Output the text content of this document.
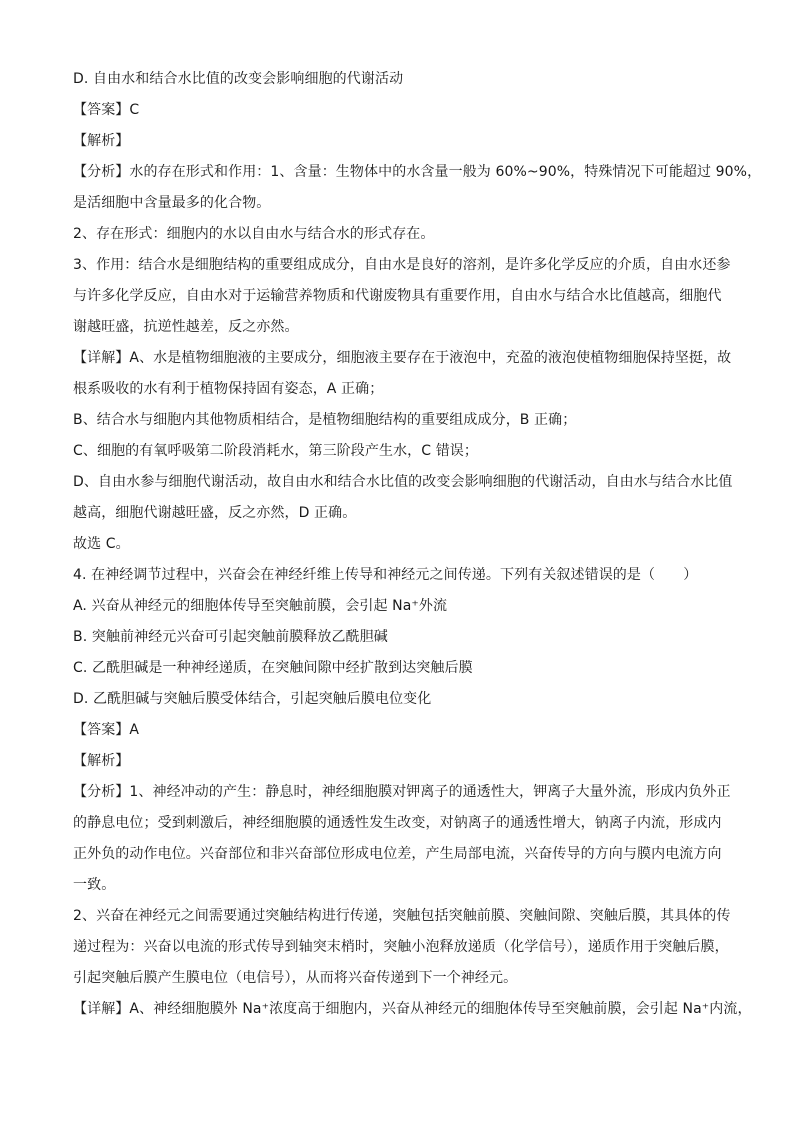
D. 自由水和结合水比值的改变会影响细胞的代谢活动
【答案】C
【解析】
【分析】水的存在形式和作用：1、含量：生物体中的水含量一般为 60%~90%，特殊情况下可能超过 90%，
是活细胞中含量最多的化合物。
2、存在形式：细胞内的水以自由水与结合水的形式存在。
3、作用：结合水是细胞结构的重要组成成分，自由水是良好的溶剂，是许多化学反应的介质，自由水还参
与许多化学反应，自由水对于运输营养物质和代谢废物具有重要作用，自由水与结合水比值越高，细胞代
谢越旺盛，抗逆性越差，反之亦然。
【详解】A、水是植物细胞液的主要成分，细胞液主要存在于液泡中，充盈的液泡使植物细胞保持坚挺，故
根系吸收的水有利于植物保持固有姿态，A 正确；
B、结合水与细胞内其他物质相结合，是植物细胞结构的重要组成成分，B 正确；
C、细胞的有氧呼吸第二阶段消耗水，第三阶段产生水，C 错误；
D、自由水参与细胞代谢活动，故自由水和结合水比值的改变会影响细胞的代谢活动，自由水与结合水比值
越高，细胞代谢越旺盛，反之亦然，D 正确。
故选 C。
4. 在神经调节过程中，兴奋会在神经纤维上传导和神经元之间传递。下列有关叙述错误的是（　　）
A. 兴奋从神经元的细胞体传导至突触前膜，会引起 Na⁺外流
B. 突触前神经元兴奋可引起突触前膜释放乙酰胆碱
C. 乙酰胆碱是一种神经递质，在突触间隙中经扩散到达突触后膜
D. 乙酰胆碱与突触后膜受体结合，引起突触后膜电位变化
【答案】A
【解析】
【分析】1、神经冲动的产生：静息时，神经细胞膜对钾离子的通透性大，钾离子大量外流，形成内负外正
的静息电位；受到刺激后，神经细胞膜的通透性发生改变，对钠离子的通透性增大，钠离子内流，形成内
正外负的动作电位。兴奋部位和非兴奋部位形成电位差，产生局部电流，兴奋传导的方向与膜内电流方向
一致。
2、兴奋在神经元之间需要通过突触结构进行传递，突触包括突触前膜、突触间隙、突触后膜，其具体的传
递过程为：兴奋以电流的形式传导到轴突末梢时，突触小泡释放递质（化学信号），递质作用于突触后膜，
引起突触后膜产生膜电位（电信号），从而将兴奋传递到下一个神经元。
【详解】A、神经细胞膜外 Na⁺浓度高于细胞内，兴奋从神经元的细胞体传导至突触前膜，会引起 Na⁺内流，
